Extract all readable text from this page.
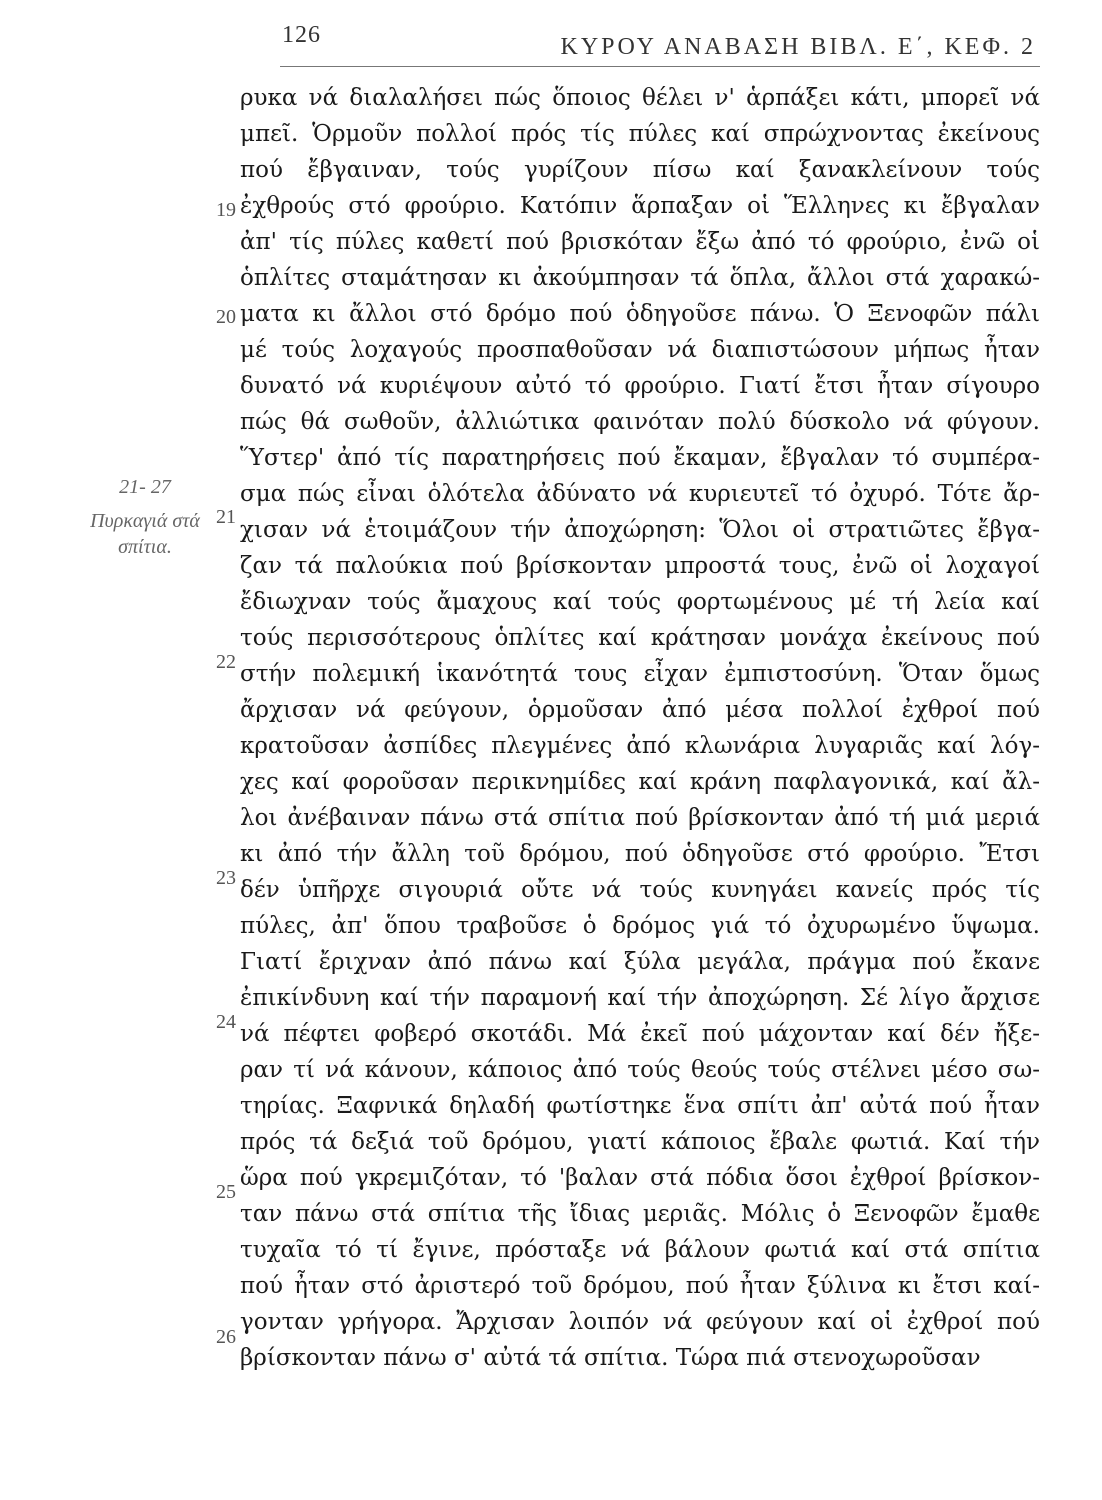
126	ΚΥΡΟΥ ΑΝΑΒΑΣΗ ΒΙΒΛ. Ε΄, ΚΕΦ. 2
21- 27
Πυρκαγιά στά σπίτια.
19
20
21
22
23
24
25
26
ρυκα νά διαλαλήσει πώς ὅποιος θέλει ν' ἁρπάξει κάτι, μπορεῖ νά
μπεῖ. Ὁρμοῦν πολλοί πρός τίς πύλες καί σπρώχνοντας ἐκείνους
πού ἔβγαιναν, τούς γυρίζουν πίσω καί ξανακλείνουν τούς
ἐχθρούς στό φρούριο. Κατόπιν ἅρπαξαν οἱ Ἕλληνες κι ἔβγαλαν
ἀπ' τίς πύλες καθετί πού βρισκόταν ἔξω ἀπό τό φρούριο, ἐνῶ οἱ
ὁπλίτες σταμάτησαν κι ἀκούμπησαν τά ὅπλα, ἄλλοι στά χαρακώ-
ματα κι ἄλλοι στό δρόμο πού ὁδηγοῦσε πάνω. Ὁ Ξενοφῶν πάλι
μέ τούς λοχαγούς προσπαθοῦσαν νά διαπιστώσουν μήπως ἦταν
δυνατό νά κυριέψουν αὐτό τό φρούριο. Γιατί ἔτσι ἦταν σίγουρο
πώς θά σωθοῦν, ἀλλιώτικα φαινόταν πολύ δύσκολο νά φύγουν.
Ὕστερ' ἀπό τίς παρατηρήσεις πού ἔκαμαν, ἔβγαλαν τό συμπέρα-
σμα πώς εἶναι ὁλότελα ἀδύνατο νά κυριευτεῖ τό ὀχυρό. Τότε ἄρ-
χισαν νά ἑτοιμάζουν τήν ἀποχώρηση: Ὅλοι οἱ στρατιῶτες ἔβγα-
ζαν τά παλούκια πού βρίσκονταν μπροστά τους, ἐνῶ οἱ λοχαγοί
ἔδιωχναν τούς ἄμαχους καί τούς φορτωμένους μέ τή λεία καί
τούς περισσότερους ὁπλίτες καί κράτησαν μονάχα ἐκείνους πού
στήν πολεμική ἱκανότητά τους εἶχαν ἐμπιστοσύνη. Ὅταν ὅμως
ἄρχισαν νά φεύγουν, ὁρμοῦσαν ἀπό μέσα πολλοί ἐχθροί πού
κρατοῦσαν ἀσπίδες πλεγμένες ἀπό κλωνάρια λυγαριᾶς καί λόγ-
χες καί φοροῦσαν περικνημίδες καί κράνη παφλαγονικά, καί ἄλ-
λοι ἀνέβαιναν πάνω στά σπίτια πού βρίσκονταν ἀπό τή μιά μεριά
κι ἀπό τήν ἄλλη τοῦ δρόμου, πού ὁδηγοῦσε στό φρούριο. Ἔτσι
δέν ὑπῆρχε σιγουριά οὔτε νά τούς κυνηγάει κανείς πρός τίς
πύλες, ἀπ' ὅπου τραβοῦσε ὁ δρόμος γιά τό ὀχυρωμένο ὕψωμα.
Γιατί ἔριχναν ἀπό πάνω καί ξύλα μεγάλα, πράγμα πού ἔκανε
ἐπικίνδυνη καί τήν παραμονή καί τήν ἀποχώρηση. Σέ λίγο ἄρχισε
νά πέφτει φοβερό σκοτάδι. Μά ἐκεῖ πού μάχονταν καί δέν ἤξε-
ραν τί νά κάνουν, κάποιος ἀπό τούς θεούς τούς στέλνει μέσο σω-
τηρίας. Ξαφνικά δηλαδή φωτίστηκε ἕνα σπίτι ἀπ' αὐτά πού ἦταν
πρός τά δεξιά τοῦ δρόμου, γιατί κάποιος ἔβαλε φωτιά. Καί τήν
ὥρα πού γκρεμιζόταν, τό 'βαλαν στά πόδια ὅσοι ἐχθροί βρίσκον-
ταν πάνω στά σπίτια τῆς ἴδιας μεριᾶς. Μόλις ὁ Ξενοφῶν ἔμαθε
τυχαῖα τό τί ἔγινε, πρόσταξε νά βάλουν φωτιά καί στά σπίτια
πού ἦταν στό ἀριστερό τοῦ δρόμου, πού ἦταν ξύλινα κι ἔτσι καί-
γονταν γρήγορα. Ἄρχισαν λοιπόν νά φεύγουν καί οἱ ἐχθροί πού
βρίσκονταν πάνω σ' αὐτά τά σπίτια. Τώρα πιά στενοχωροῦσαν
